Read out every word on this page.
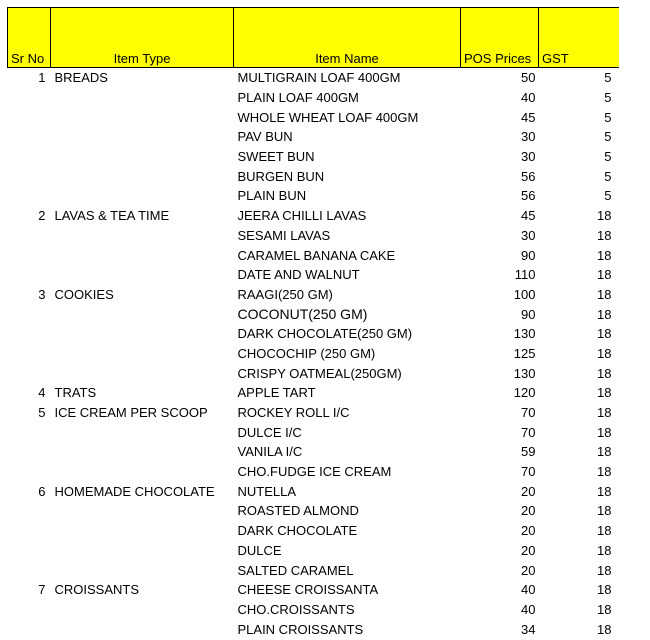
Sr No	Item Type	Item Name	POS Prices	GST
1	BREADS	MULTIGRAIN LOAF 400GM	50	5
		PLAIN LOAF 400GM	40	5
		WHOLE WHEAT LOAF 400GM	45	5
		PAV BUN	30	5
		SWEET BUN	30	5
		BURGEN BUN	56	5
		PLAIN BUN	56	5
2	LAVAS & TEA TIME	JEERA CHILLI LAVAS	45	18
		SESAMI LAVAS	30	18
		CARAMEL BANANA CAKE	90	18
		DATE AND WALNUT	110	18
3	COOKIES	RAAGI(250 GM)	100	18
		COCONUT(250 GM)	90	18
		DARK CHOCOLATE(250 GM)	130	18
		CHOCOCHIP (250 GM)	125	18
		CRISPY OATMEAL(250GM)	130	18
4	TRATS	APPLE TART	120	18
5	ICE CREAM PER SCOOP	ROCKEY ROLL I/C	70	18
		DULCE I/C	70	18
		VANILA I/C	59	18
		CHO.FUDGE ICE CREAM	70	18
6	HOMEMADE CHOCOLATE	NUTELLA	20	18
		ROASTED ALMOND	20	18
		DARK CHOCOLATE	20	18
		DULCE	20	18
		SALTED CARAMEL	20	18
7	CROISSANTS	CHEESE CROISSANTA	40	18
		CHO.CROISSANTS	40	18
		PLAIN CROISSANTS	34	18
